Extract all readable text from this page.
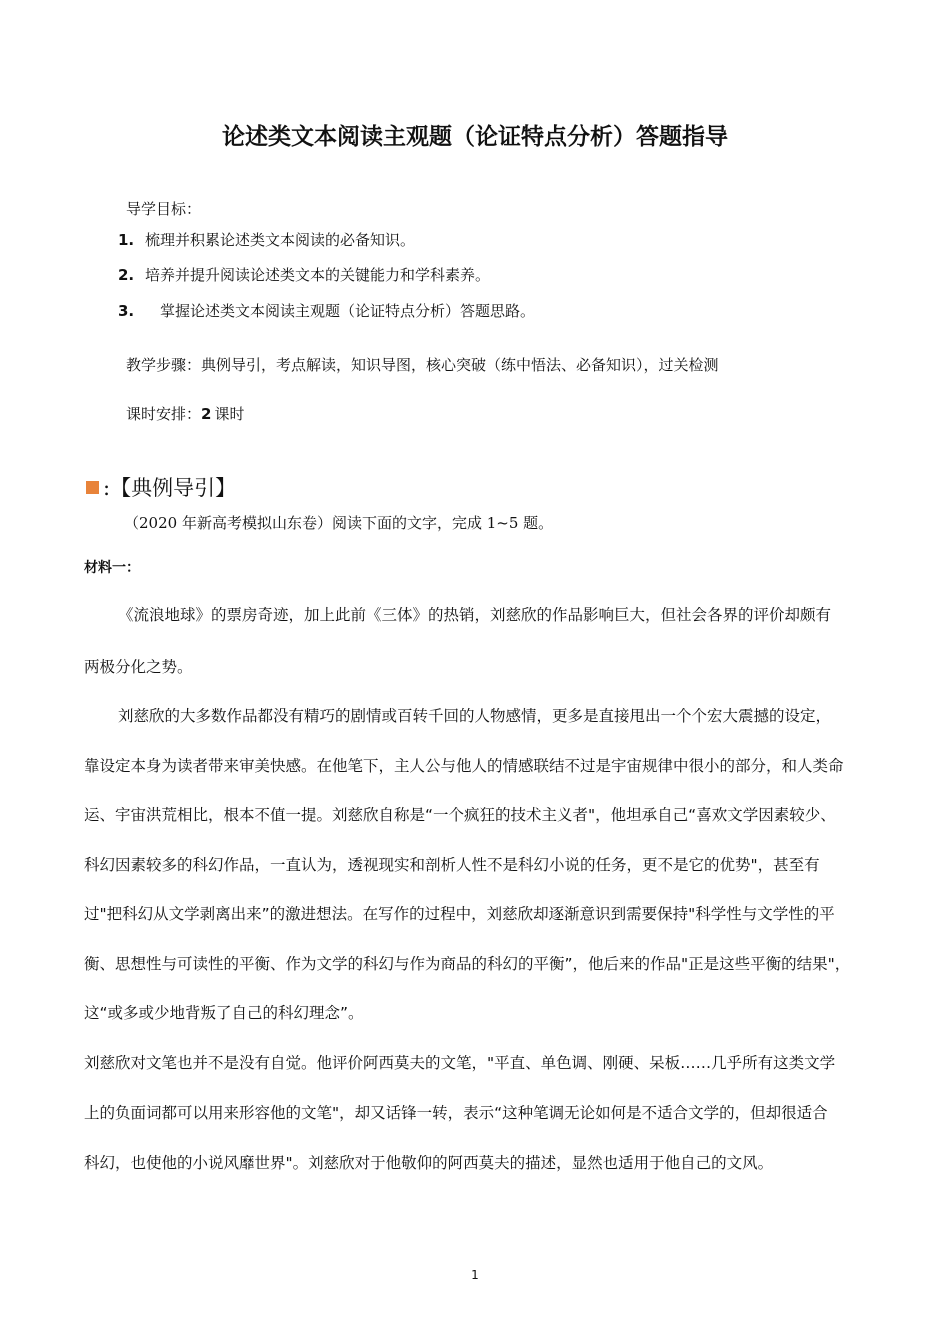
论述类文本阅读主观题（论证特点分析）答题指导
导学目标：
1. 梳理并积累论述类文本阅读的必备知识。
2. 培养并提升阅读论述类文本的关键能力和学科素养。
3. 掌握论述类文本阅读主观题（论证特点分析）答题思路。
教学步骤：典例导引，考点解读，知识导图，核心突破（练中悟法、必备知识），过关检测
课时安排：2 课时
:【典例导引】
（2020 年新高考模拟山东卷）阅读下面的文字，完成 1~5 题。
材料一：
《流浪地球》的票房奇迹，加上此前《三体》的热销，刘慈欣的作品影响巨大，但社会各界的评价却颇有
两极分化之势。
刘慈欣的大多数作品都没有精巧的剧情或百转千回的人物感情，更多是直接甩出一个个宏大震撼的设定，
靠设定本身为读者带来审美快感。在他笔下，主人公与他人的情感联结不过是宇宙规律中很小的部分，和人类命
运、宇宙洪荒相比，根本不值一提。刘慈欣自称是“一个疯狂的技术主义者"，他坦承自己“喜欢文学因素较少、
科幻因素较多的科幻作品，一直认为，透视现实和剖析人性不是科幻小说的任务，更不是它的优势"，甚至有
过"把科幻从文学剥离出来”的激进想法。在写作的过程中，刘慈欣却逐渐意识到需要保持"科学性与文学性的平
衡、思想性与可读性的平衡、作为文学的科幻与作为商品的科幻的平衡”，他后来的作品"正是这些平衡的结果"，
这“或多或少地背叛了自己的科幻理念”。
刘慈欣对文笔也并不是没有自觉。他评价阿西莫夫的文笔，"平直、单色调、刚硬、呆板……几乎所有这类文学
上的负面词都可以用来形容他的文笔"，却又话锋一转，表示“这种笔调无论如何是不适合文学的，但却很适合
科幻，也使他的小说风靡世界"。刘慈欣对于他敬仰的阿西莫夫的描述，显然也适用于他自己的文风。
1
